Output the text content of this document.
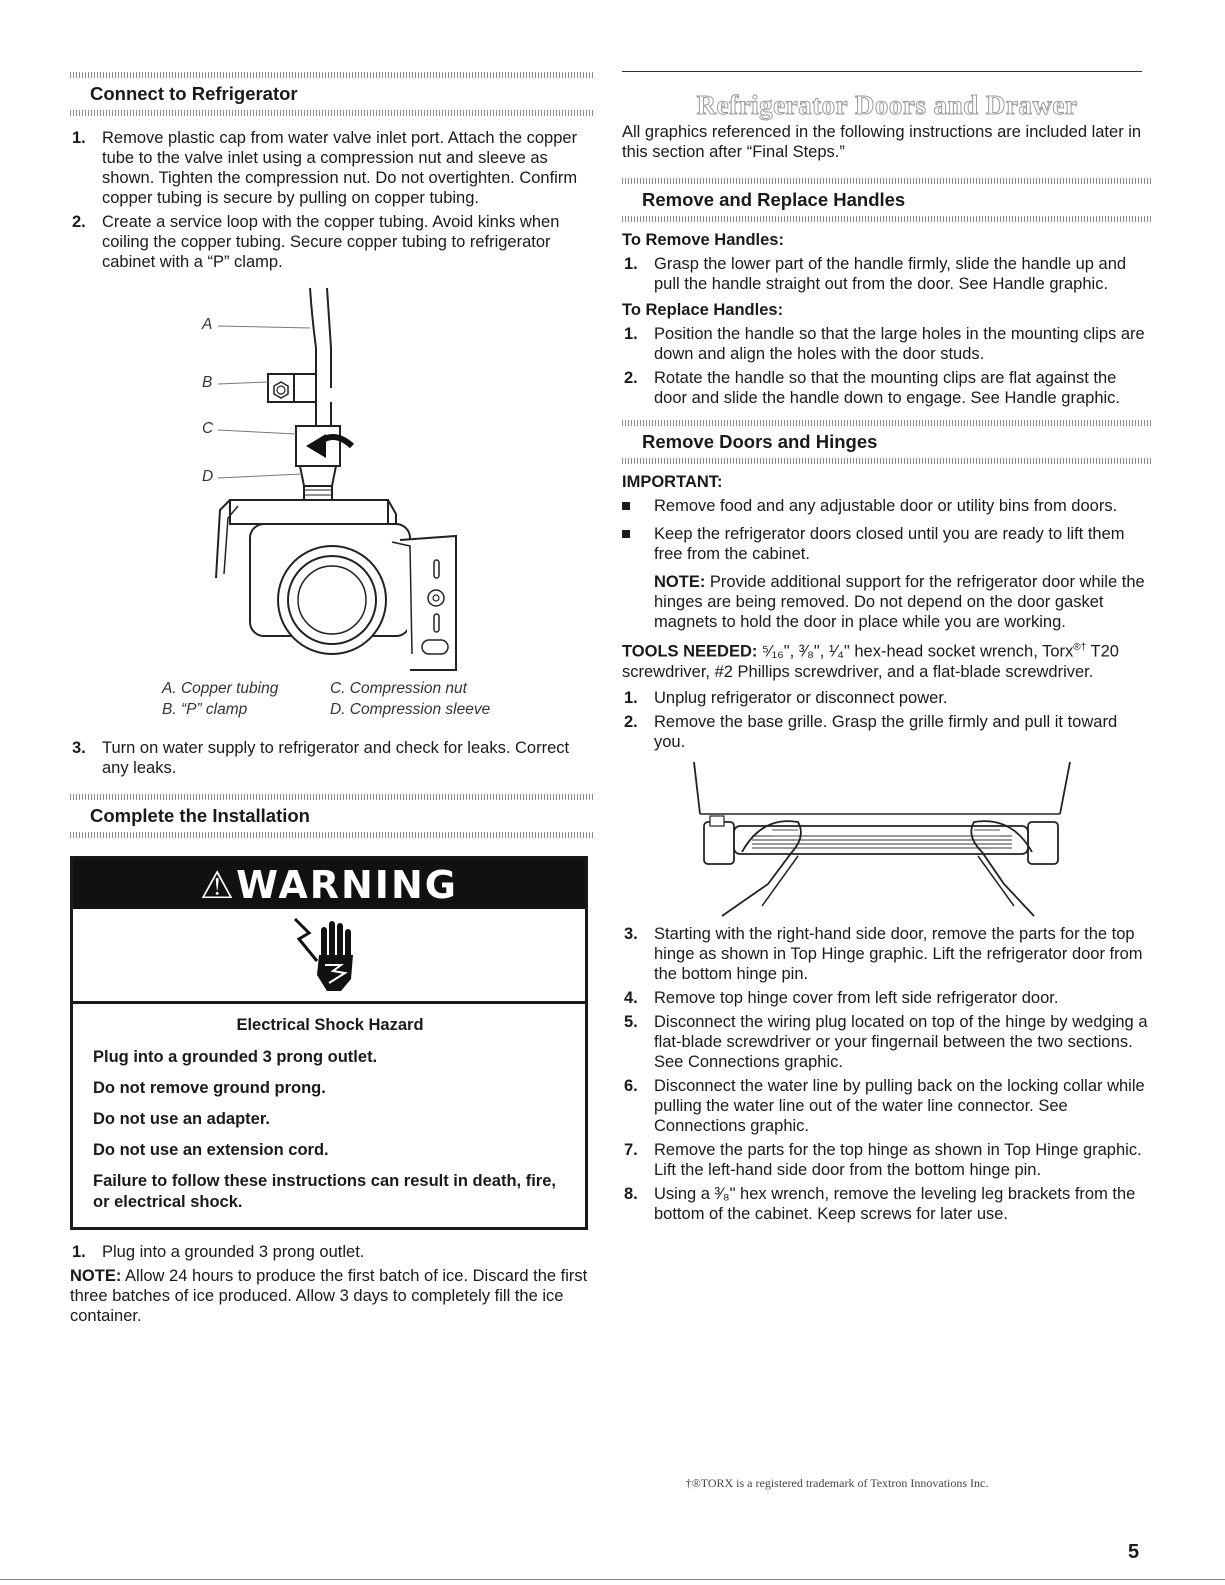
Connect to Refrigerator
1. Remove plastic cap from water valve inlet port. Attach the copper tube to the valve inlet using a compression nut and sleeve as shown. Tighten the compression nut. Do not overtighten. Confirm copper tubing is secure by pulling on copper tubing.
2. Create a service loop with the copper tubing. Avoid kinks when coiling the copper tubing. Secure copper tubing to refrigerator cabinet with a “P” clamp.
A
B
C
D
A. Copper tubing
B. “P” clamp
C. Compression nut
D. Compression sleeve
3. Turn on water supply to refrigerator and check for leaks. Correct any leaks.
Complete the Installation
⚠WARNING
Electrical Shock Hazard
Plug into a grounded 3 prong outlet.
Do not remove ground prong.
Do not use an adapter.
Do not use an extension cord.
Failure to follow these instructions can result in death, fire, or electrical shock.
1. Plug into a grounded 3 prong outlet.

NOTE: Allow 24 hours to produce the first batch of ice. Discard the first three batches of ice produced. Allow 3 days to completely fill the ice container.

Refrigerator Doors and Drawer

All graphics referenced in the following instructions are included later in this section after “Final Steps.”

Remove and Replace Handles
To Remove Handles:
1. Grasp the lower part of the handle firmly, slide the handle up and pull the handle straight out from the door. See Handle graphic.
To Replace Handles:
1. Position the handle so that the large holes in the mounting clips are down and align the holes with the door studs.
2. Rotate the handle so that the mounting clips are flat against the door and slide the handle down to engage. See Handle graphic.
Remove Doors and Hinges
IMPORTANT:
Remove food and any adjustable door or utility bins from doors.
Keep the refrigerator doors closed until you are ready to lift them free from the cabinet.

NOTE: Provide additional support for the refrigerator door while the hinges are being removed. Do not depend on the door gasket magnets to hold the door in place while you are working.

TOOLS NEEDED: ⁵⁄₁₆", ³⁄₈", ¹⁄₄" hex-head socket wrench, Torx®† T20 screwdriver, #2 Phillips screwdriver, and a flat-blade screwdriver.

1. Unplug refrigerator or disconnect power.
2. Remove the base grille. Grasp the grille firmly and pull it toward you.
3. Starting with the right-hand side door, remove the parts for the top hinge as shown in Top Hinge graphic. Lift the refrigerator door from the bottom hinge pin.
4. Remove top hinge cover from left side refrigerator door.
5. Disconnect the wiring plug located on top of the hinge by wedging a flat-blade screwdriver or your fingernail between the two sections. See Connections graphic.
6. Disconnect the water line by pulling back on the locking collar while pulling the water line out of the water line connector. See Connections graphic.
7. Remove the parts for the top hinge as shown in Top Hinge graphic. Lift the left-hand side door from the bottom hinge pin.
8. Using a ³⁄₈" hex wrench, remove the leveling leg brackets from the bottom of the cabinet. Keep screws for later use.
†®TORX is a registered trademark of Textron Innovations Inc.
5
